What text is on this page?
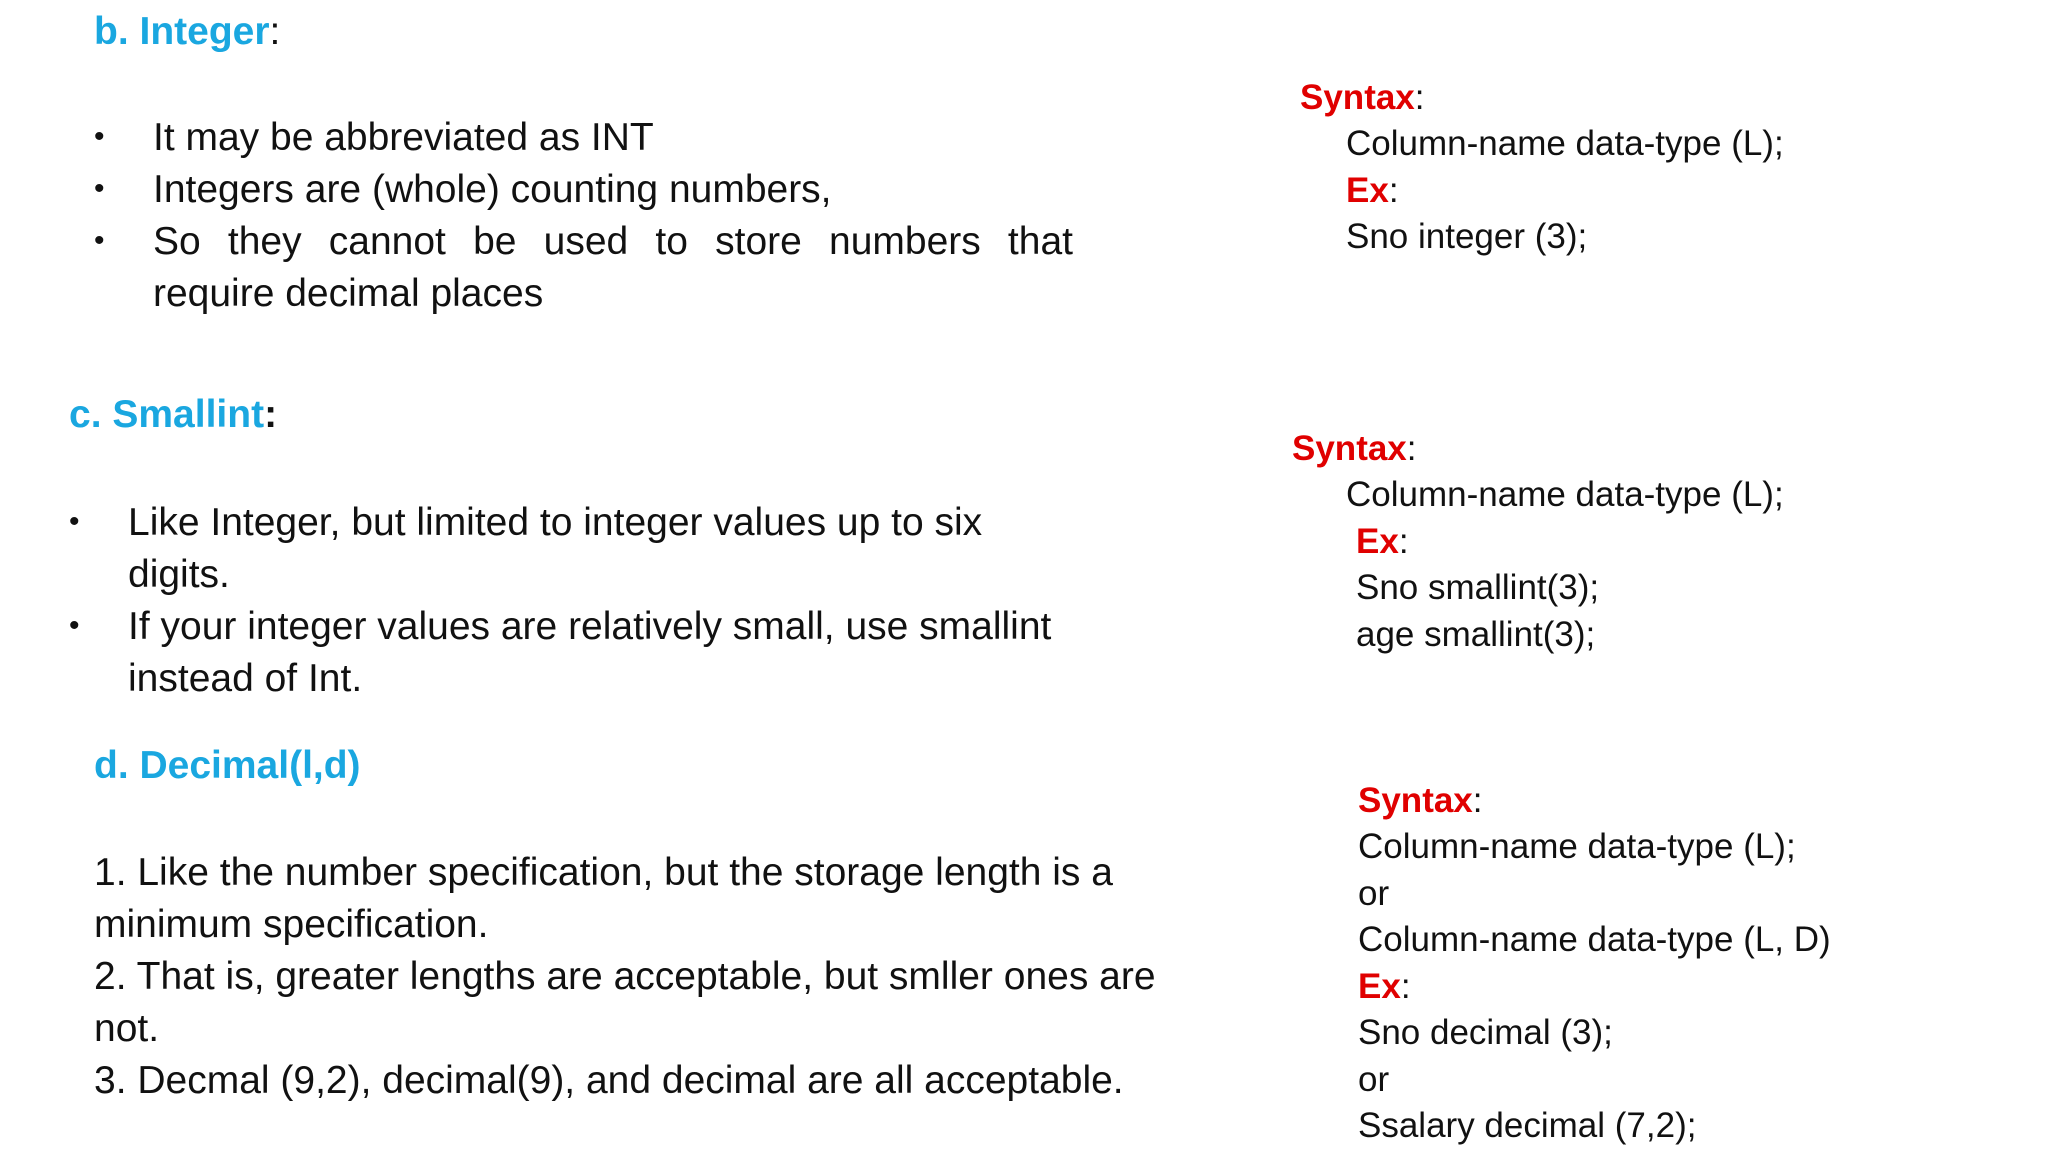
b. Integer:
• It may be abbreviated as INT
• Integers are (whole) counting numbers,
• So they cannot be used to store numbers that
require decimal places
Syntax:
Column-name data-type (L);
Ex:
Sno integer (3);
c. Smallint:
• Like Integer, but limited to integer values up to six
digits.
• If your integer values are relatively small, use smallint
instead of Int.
Syntax:
Column-name data-type (L);
Ex:
Sno smallint(3);
age smallint(3);
d. Decimal(l,d)
1. Like the number specification, but the storage length is a
minimum specification.
2. That is, greater lengths are acceptable, but smller ones are
not.
3. Decmal (9,2), decimal(9), and decimal are all acceptable.
Syntax:
Column-name data-type (L);
or
Column-name data-type (L, D)
Ex:
Sno decimal (3);
or
Ssalary decimal (7,2);
